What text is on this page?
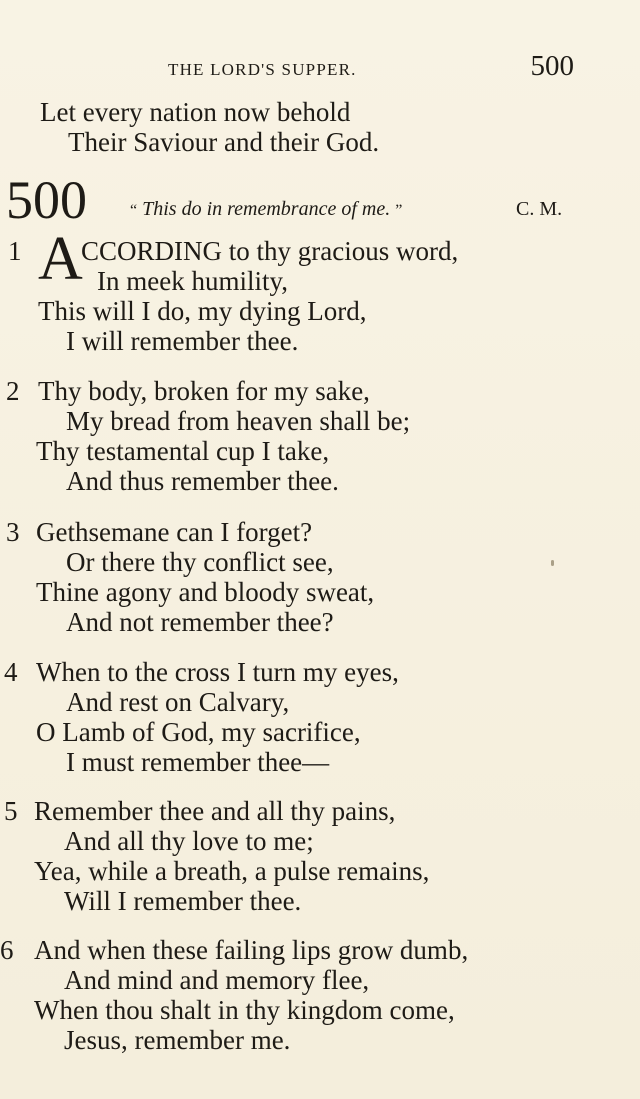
THE LORD'S SUPPER.	500
Let every nation now behold
Their Saviour and their God.
500	“ This do in remembrance of me. ”	C. M.
1 A
CCORDING to thy gracious word,
In meek humility,
This will I do, my dying Lord,
I will remember thee.
2 Thy body, broken for my sake,
My bread from heaven shall be;
Thy testamental cup I take,
And thus remember thee.
3 Gethsemane can I forget?
Or there thy conflict see,
Thine agony and bloody sweat,
And not remember thee?
4 When to the cross I turn my eyes,
And rest on Calvary,
O Lamb of God, my sacrifice,
I must remember thee—
5 Remember thee and all thy pains,
And all thy love to me;
Yea, while a breath, a pulse remains,
Will I remember thee.
6 And when these failing lips grow dumb,
And mind and memory flee,
When thou shalt in thy kingdom come,
Jesus, remember me.
